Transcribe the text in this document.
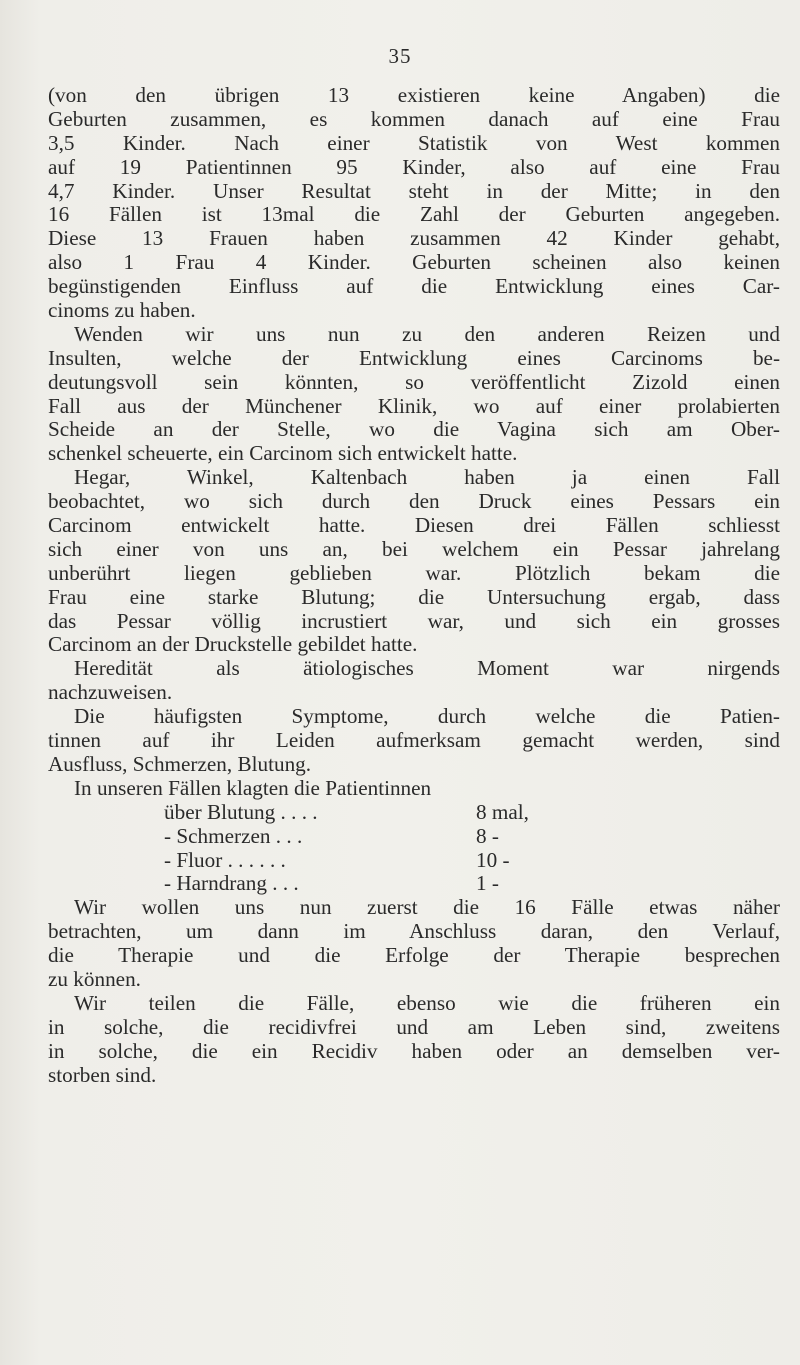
35
(von den übrigen 13 existieren keine Angaben) die
Geburten zusammen, es kommen danach auf eine Frau
3,5 Kinder. Nach einer Statistik von West kommen
auf 19 Patientinnen 95 Kinder, also auf eine Frau
4,7 Kinder. Unser Resultat steht in der Mitte; in den
16 Fällen ist 13mal die Zahl der Geburten angegeben.
Diese 13 Frauen haben zusammen 42 Kinder gehabt,
also 1 Frau 4 Kinder. Geburten scheinen also keinen
begünstigenden Einfluss auf die Entwicklung eines Car-
cinoms zu haben.
Wenden wir uns nun zu den anderen Reizen und
Insulten, welche der Entwicklung eines Carcinoms be-
deutungsvoll sein könnten, so veröffentlicht Zizold einen
Fall aus der Münchener Klinik, wo auf einer prolabierten
Scheide an der Stelle, wo die Vagina sich am Ober-
schenkel scheuerte, ein Carcinom sich entwickelt hatte.
Hegar, Winkel, Kaltenbach haben ja einen Fall
beobachtet, wo sich durch den Druck eines Pessars ein
Carcinom entwickelt hatte. Diesen drei Fällen schliesst
sich einer von uns an, bei welchem ein Pessar jahrelang
unberührt liegen geblieben war. Plötzlich bekam die
Frau eine starke Blutung; die Untersuchung ergab, dass
das Pessar völlig incrustiert war, und sich ein grosses
Carcinom an der Druckstelle gebildet hatte.
Heredität als ätiologisches Moment war nirgends
nachzuweisen.
Die häufigsten Symptome, durch welche die Patien-
tinnen auf ihr Leiden aufmerksam gemacht werden, sind
Ausfluss, Schmerzen, Blutung.
In unseren Fällen klagten die Patientinnen
über Blutung . . . .	8 mal,
- Schmerzen . . .	8 -
- Fluor . . . . . .	10 -
- Harndrang . . .	1 -
Wir wollen uns nun zuerst die 16 Fälle etwas näher
betrachten, um dann im Anschluss daran, den Verlauf,
die Therapie und die Erfolge der Therapie besprechen
zu können.
Wir teilen die Fälle, ebenso wie die früheren ein
in solche, die recidivfrei und am Leben sind, zweitens
in solche, die ein Recidiv haben oder an demselben ver-
storben sind.
